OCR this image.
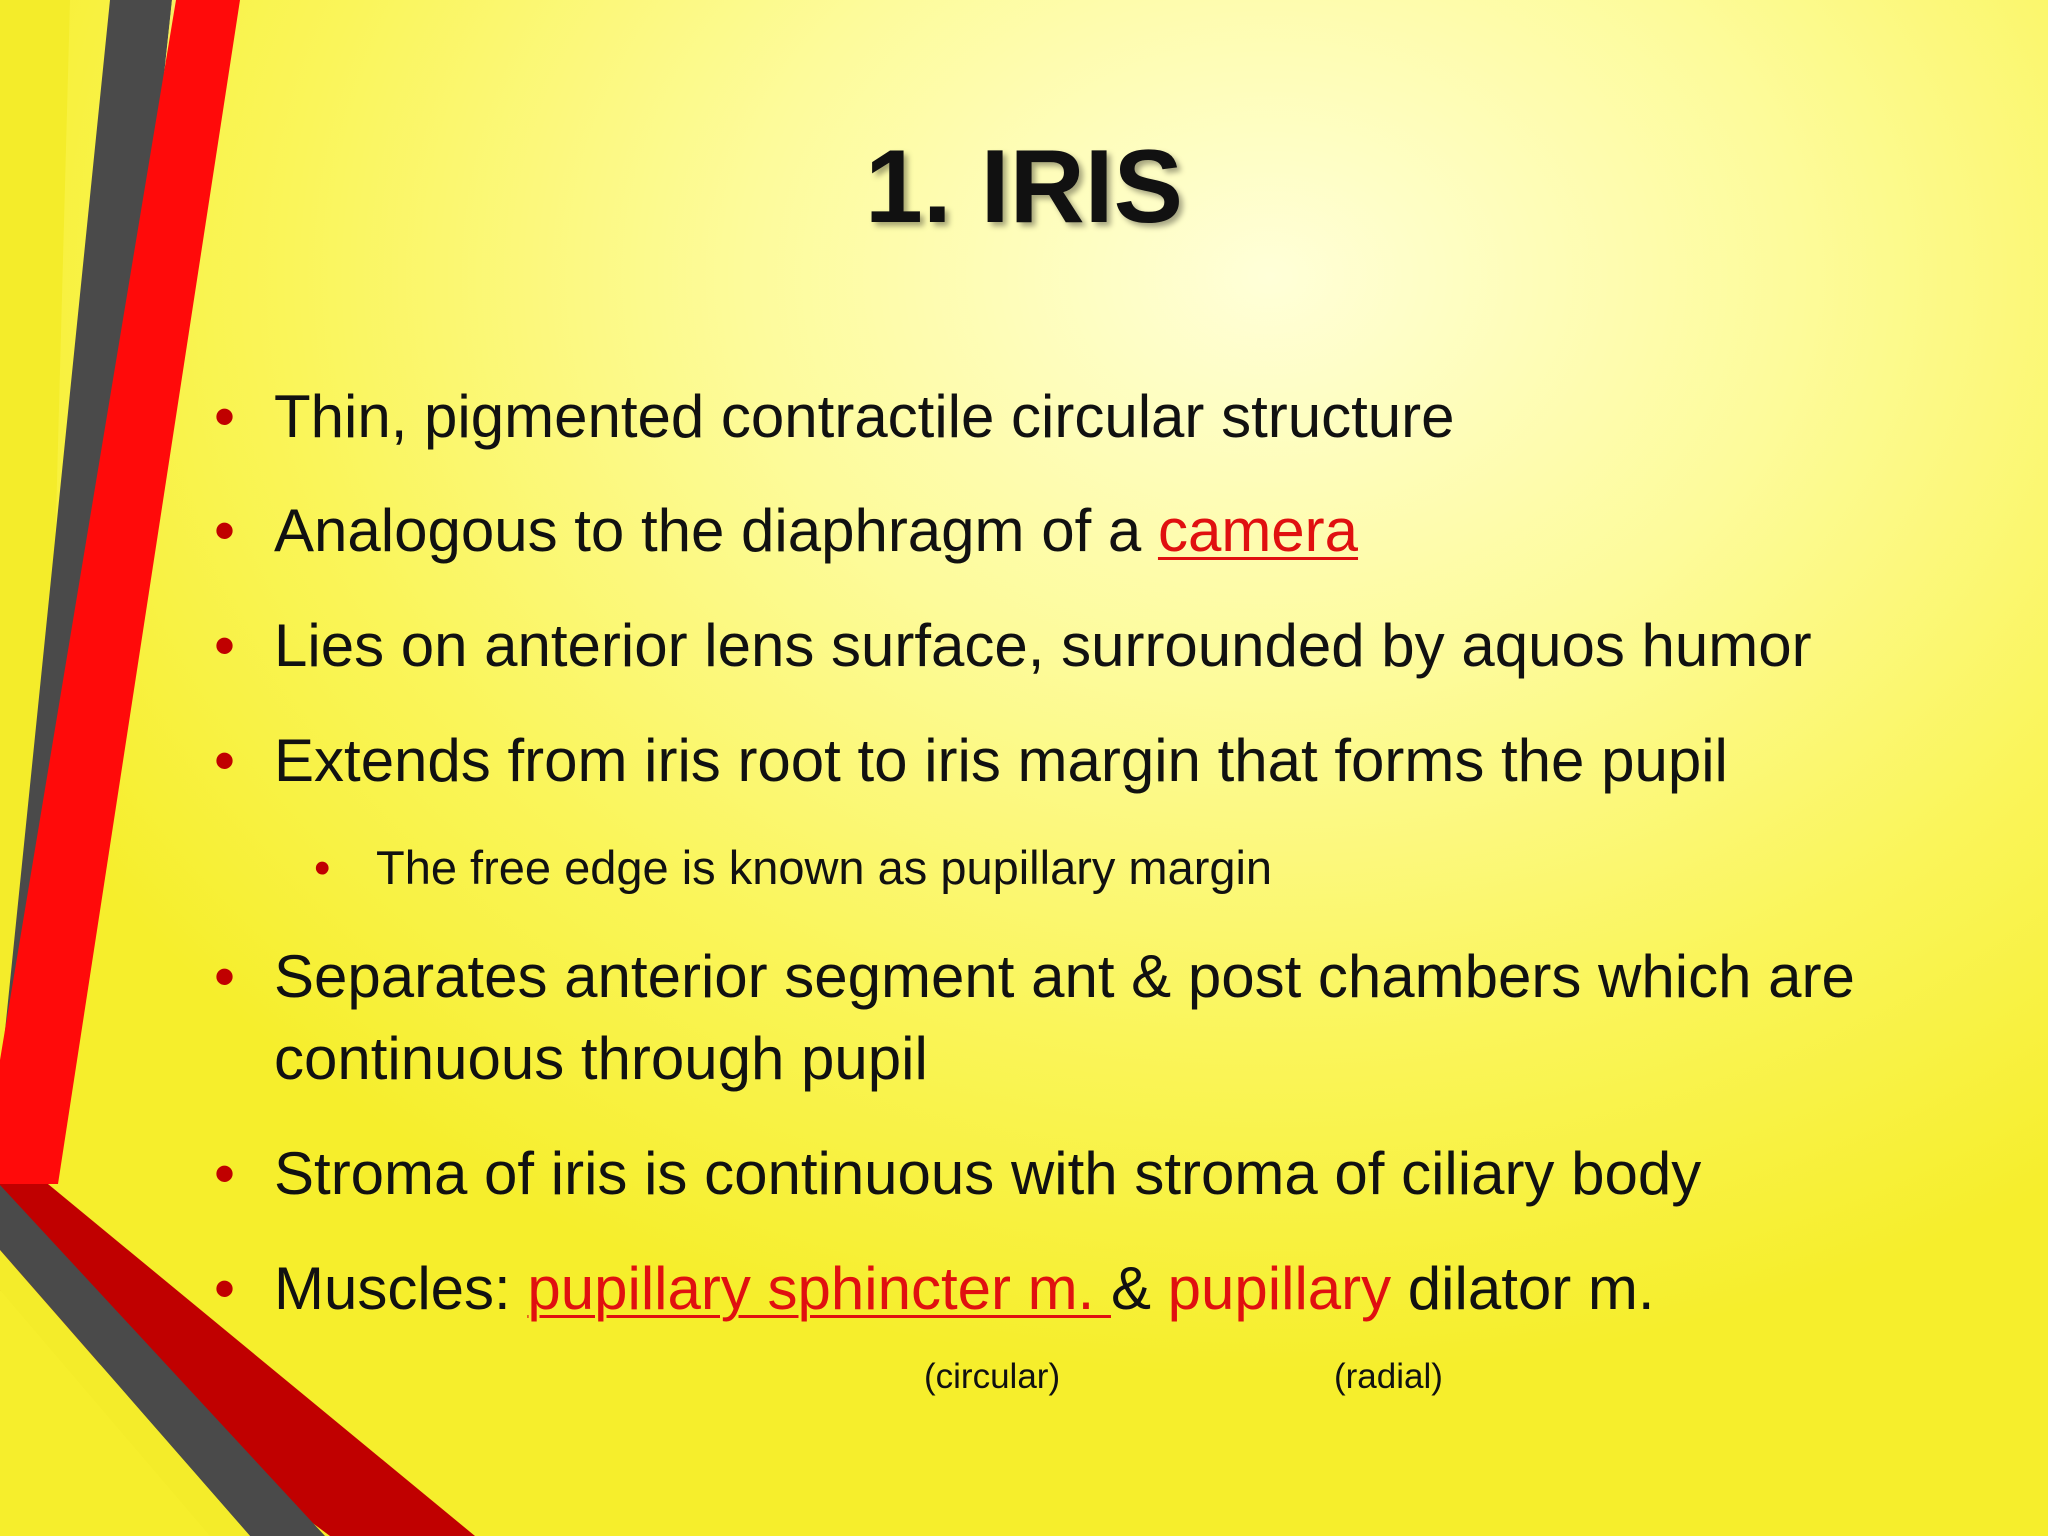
1. IRIS
• Thin, pigmented contractile circular structure
• Analogous to the diaphragm of a camera
• Lies on anterior lens surface, surrounded by aquos humor
• Extends from iris root to iris margin that forms the pupil
• The free edge is known as pupillary margin
• Separates anterior segment ant & post chambers which are
continuous through pupil
• Stroma of iris is continuous with stroma of ciliary body
• Muscles: pupillary sphincter m. & pupillary dilator m.
(circular)	(radial)
